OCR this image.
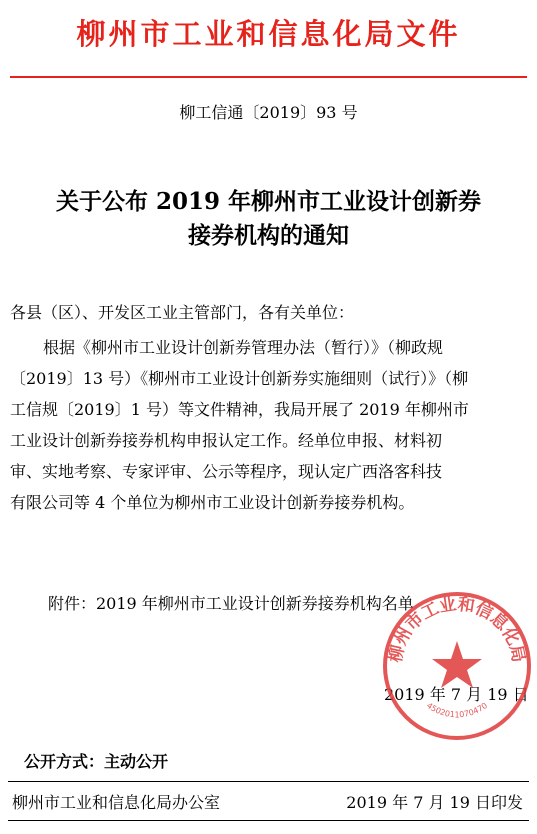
柳州市工业和信息化局文件
柳工信通〔2019〕93 号
关于公布 2019 年柳州市工业设计创新券
接券机构的通知
各县（区）、开发区工业主管部门，各有关单位：
根据《柳州市工业设计创新券管理办法（暂行）》（柳政规
〔2019〕13 号）《柳州市工业设计创新券实施细则（试行）》（柳
工信规〔2019〕1 号）等文件精神，我局开展了 2019 年柳州市
工业设计创新券接券机构申报认定工作。经单位申报、材料初
审、实地考察、专家评审、公示等程序，现认定广西洛客科技
有限公司等 4 个单位为柳州市工业设计创新券接券机构。
附件：2019 年柳州市工业设计创新券接券机构名单
2019 年 7 月 19 日
柳州市工业和信息化局
4502011070470
公开方式：主动公开
柳州市工业和信息化局办公室	2019 年 7 月 19 日印发
